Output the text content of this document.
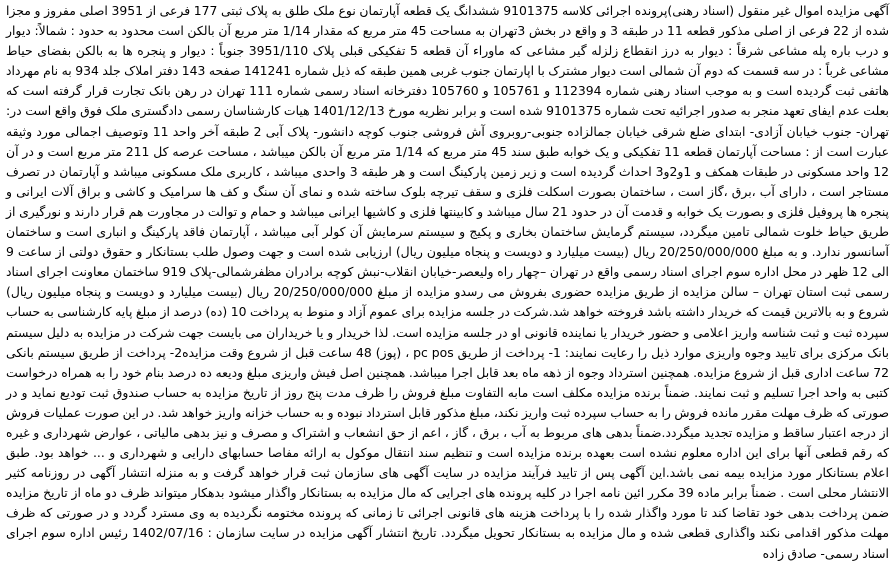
آگهی مزایده اموال غیر منقول (اسناد رهنی)پرونده اجرائی کلاسه 9101375 ششدانگ یک قطعه آپارتمان نوع ملک طلق به پلاک ثبتی 177 فرعی از 3951 اصلی مفروز و مجزا شده از 22 فرعی از اصلی مذکور قطعه 11 در طبقه 3 و واقع در بخش 3تهران به مساحت 45 متر مربع که مقدار 1/14 متر مربع آن بالکن است محدود به حدود : شمالاً: دیوار و درب باره پله مشاعی شرقاً : دیوار به درز انقطاع زلزله گیر مشاعی که ماوراء آن قطعه 5 تفکیکی قبلی پلاک 3951/110 جنوباً : دیوار و پنجره ها به بالکن بفضای حیاط مشاعی غرباً : در سه قسمت که دوم آن شمالی است دیوار مشترک با اپارتمان جنوب غربی همین طبقه که ذیل شماره 141241 صفحه 143 دفتر املاک جلد 934 به نام مهرداد هاتفی ثبت گردیده است و به موجب اسناد رهنی شماره 112394 و 105761 و 105760 دفترخانه اسناد رسمی شماره 111 تهران در رهن بانک تجارت قرار گرفته است که بعلت عدم ایفای تعهد منجر به صدور اجرائیه تحت شماره 9101375 شده است و برابر نظریه مورخ 1401/12/13 هیات کارشناسان رسمی دادگستری ملک فوق واقع است در: تهران- جنوب خیابان آزادی- ابتدای ضلع شرقی خیابان جمالزاده جنوبی-روبروی آش فروشی جنوب کوچه دانشور- پلاک آبی 2 طبقه آخر واحد 11 وتوصیف اجمالی مورد وثیقه عبارت است از : مساحت آپارتمان قطعه 11 تفکیکی و یک خوابه طبق سند 45 متر مربع که 1/14 متر مربع آن بالکن میباشد ، مساحت عرصه کل 211 متر مربع است و در آن 12 واحد مسکونی در طبقات همکف و 1و2و3 احداث گردیده است و زیر زمین پارکینگ است و هر طبقه 3 واحدی میباشد ، کاربری ملک مسکونی میباشد و آپارتمان در تصرف مستاجر است ، دارای آب ،برق ،گاز است ، ساختمان بصورت اسکلت فلزی و سقف تیرچه بلوک ساخته شده و نمای آن سنگ و کف ها سرامیک و کاشی و براق آلات ایرانی و پنجره ها پروفیل فلزی و بصورت یک خوابه و قدمت آن در حدود 21 سال میباشد و کابینتها فلزی و کاشیها ایرانی میباشد و حمام و توالت در مجاورت هم قرار دارند و نورگیری از طریق حیاط خلوت شمالی تامین میگردد، سیستم گرمایش ساختمان بخاری و پکیج و سیستم سرمایش آن کولر آبی میباشد ، آپارتمان فاقد پارکینگ و انباری است و ساختمان آسانسور ندارد. و به مبلغ 20/250/000/000 ریال (بیست میلیارد و دویست و پنجاه میلیون ریال) ارزیابی شده است و جهت وصول طلب بستانکار و حقوق دولتی از ساعت 9 الی 12 ظهر در محل اداره سوم اجرای اسناد رسمی واقع در تهران –چهار راه ولیعصر-خیابان انقلاب-نبش کوچه برادران مظفرشمالی-پلاک 919 ساختمان معاونت اجرای اسناد رسمی ثبت استان تهران – سالن مزایده از طریق مزایده حضوری بفروش می رسدو مزایده از مبلغ 20/250/000/000 ریال (بیست میلیارد و دویست و پنجاه میلیون ریال) شروع و به بالاترین قیمت که خریدار داشته باشد فروخته خواهد شد.شرکت در جلسه مزایده برای عموم آزاد و منوط به پرداخت 10 (ده) درصد از مبلغ پایه کارشناسی به حساب سپرده ثبت و ثبت شناسه واریز اعلامی و حضور خریدار یا نماینده قانونی او در جلسه مزایده است. لذا خریدار و یا خریداران می بایست جهت شرکت در مزایده به دلیل سیستم بانک مرکزی برای تایید وجوه واریزی موارد ذیل را رعایت نمایند: 1- پرداخت از طریق pc pos ، (پوز) 48 ساعت قبل از شروع وقت مزایده2- پرداخت از طریق سیستم بانکی 72 ساعت اداری قبل از شروع مزایده. همچنین استرداد وجوه از ذهه ماه بعد قابل اجرا میباشد. همچنین اصل فیش واریزی مبلغ ودیعه ده درصد بنام خود را به همراه درخواست کتبی به واحد اجرا تسلیم و ثبت نمایند. ضمناً برنده مزایده مکلف است مابه التفاوت مبلغ فروش را ظرف مدت پنج روز از تاریخ مزایده به حساب صندوق ثبت تودیع نماید و در صورتی که ظرف مهلت مقرر مانده فروش را به حساب سپرده ثبت واریز نکند، مبلغ مذکور قابل استرداد نبوده و به حساب خزانه واریز خواهد شد. در این صورت عملیات فروش از درجه اعتبار ساقط و مزایده تجدید میگردد.ضمناً بدهی های مربوط به آب ، برق ، گاز ، اعم از حق انشعاب و اشتراک و مصرف و نیز بدهی مالیاتی ، عوارض شهرداری و غیره که رقم قطعی آنها برای این اداره معلوم نشده است بعهده برنده مزایده است و تنظیم سند انتقال موکول به ارائه مفاصا حسابهای دارایی و شهرداری و ... خواهد بود. طبق اعلام بستانکار مورد مزایده بیمه نمی باشد.این آگهی پس از تایید فرآیند مزایده در سایت آگهی های سازمان ثبت قرار خواهد گرفت و به منزله انتشار آگهی در روزنامه کثیر الانتشار محلی است . ضمناً برابر ماده 39 مکرر ائین نامه اجرا در کلیه پرونده های اجرایی که مال مزایده به بستانکار واگذار میشود بدهکار میتواند ظرف دو ماه از تاریخ مزایده ضمن پرداخت بدهی خود تقاضا کند تا مورد واگذار شده را با پرداخت هزینه های قانونی اجرائی تا زمانی که پرونده مختومه نگردیده به وی مسترد گردد و در صورتی که ظرف مهلت مذکور اقدامی نکند واگذاری قطعی شده و مال مزایده به بستانکار تحویل میگردد. تاریخ انتشار آگهی مزایده در سایت سازمان : 1402/07/16 رئیس اداره سوم اجرای اسناد رسمی- صادق زاده
